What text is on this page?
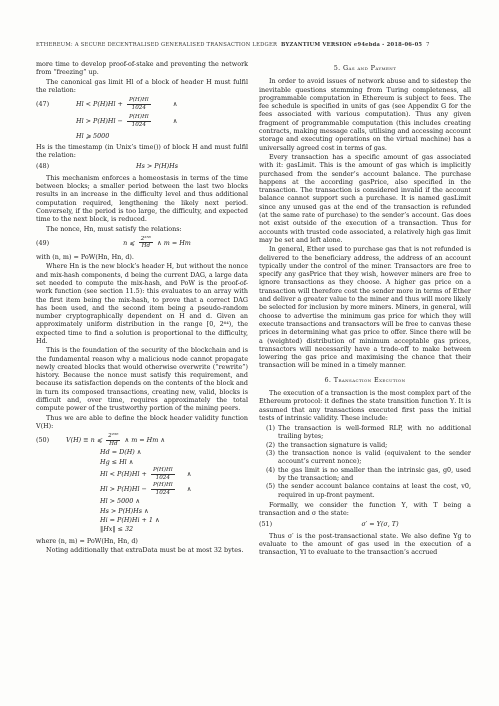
ETHEREUM: A SECURE DECENTRALISED GENERALISED TRANSACTION LEDGER BYZANTIUM VERSION e94ebda - 2018-06-05 7

more time to develop proof-of-stake and preventing the network from “freezing” up.

The canonical gas limit Hl of a block of header H must fulfil the relation:

(47)	$Hl < P(H)Hl + \frac{P(H)Hl}{1024}$	∧
$Hl > P(H)Hl - \frac{P(H)Hl}{1024}$	∧
Hl ⩾ 5000

Hs is the timestamp (in Unix’s time()) of block H and must fulfil the relation:

(48)	Hs > P(H)Hs

This mechanism enforces a homeostasis in terms of the time between blocks; a smaller period between the last two blocks results in an increase in the difficulty level and thus additional computation required, lengthening the likely next period. Conversely, if the period is too large, the difficulty, and expected time to the next block, is reduced.

The nonce, Hn, must satisfy the relations:

(49)	n ⩽ $\frac{\text{2²⁵⁶}}{Hd}$ ∧ m = Hm

with (n, m) = PoW(Hn, Hn, d).

Where Hn is the new block’s header H, but without the nonce and mix-hash components, d being the current DAG, a large data set needed to compute the mix-hash, and PoW is the proof-of-work function (see section 11.5): this evaluates to an array with the first item being the mix-hash, to prove that a correct DAG has been used, and the second item being a pseudo-random number cryptographically dependent on H and d. Given an approximately uniform distribution in the range [0, 2⁶⁴), the expected time to find a solution is proportional to the difficulty, Hd.

This is the foundation of the security of the blockchain and is the fundamental reason why a malicious node cannot propagate newly created blocks that would otherwise overwrite (“rewrite”) history. Because the nonce must satisfy this requirement, and because its satisfaction depends on the contents of the block and in turn its composed transactions, creating new, valid, blocks is difficult and, over time, requires approximately the total compute power of the trustworthy portion of the mining peers.

Thus we are able to define the block header validity function V(H):

(50)	V(H) ≡ n ⩽ $\frac{\text{2²⁵⁶}}{Hd}$ ∧ m = Hm ∧
Hd = D(H) ∧
Hg ≤ Hl ∧
$Hl < P(H)Hl + \frac{P(H)Hl}{1024}$ ∧
$Hl > P(H)Hl - \frac{P(H)Hl}{1024}$ ∧
Hl > 5000 ∧
Hs > P(H)Hs ∧
Hi = P(H)Hi + 1 ∧
‖Hx‖ ≤ 32

where (n, m) = PoW(Hn, Hn, d)

Noting additionally that extraData must be at most 32 bytes.

5. Gas and Payment

In order to avoid issues of network abuse and to sidestep the inevitable questions stemming from Turing completeness, all programmable computation in Ethereum is subject to fees. The fee schedule is specified in units of gas (see Appendix G for the fees associated with various computation). Thus any given fragment of programmable computation (this includes creating contracts, making message calls, utilising and accessing account storage and executing operations on the virtual machine) has a universally agreed cost in terms of gas.

Every transaction has a specific amount of gas associated with it: gasLimit. This is the amount of gas which is implicitly purchased from the sender’s account balance. The purchase happens at the according gasPrice, also specified in the transaction. The transaction is considered invalid if the account balance cannot support such a purchase. It is named gasLimit since any unused gas at the end of the transaction is refunded (at the same rate of purchase) to the sender’s account. Gas does not exist outside of the execution of a transaction. Thus for accounts with trusted code associated, a relatively high gas limit may be set and left alone.

In general, Ether used to purchase gas that is not refunded is delivered to the beneficiary address, the address of an account typically under the control of the miner. Transactors are free to specify any gasPrice that they wish, however miners are free to ignore transactions as they choose. A higher gas price on a transaction will therefore cost the sender more in terms of Ether and deliver a greater value to the miner and thus will more likely be selected for inclusion by more miners. Miners, in general, will choose to advertise the minimum gas price for which they will execute transactions and transactors will be free to canvas these prices in determining what gas price to offer. Since there will be a (weighted) distribution of minimum acceptable gas prices, transactors will necessarily have a trade-off to make between lowering the gas price and maximising the chance that their transaction will be mined in a timely manner.

6. Transaction Execution

The execution of a transaction is the most complex part of the Ethereum protocol: it defines the state transition function Υ. It is assumed that any transactions executed first pass the initial tests of intrinsic validity. These include:

(1) The transaction is well-formed RLP, with no additional trailing bytes;
(2) the transaction signature is valid;
(3) the transaction nonce is valid (equivalent to the sender account’s current nonce);
(4) the gas limit is no smaller than the intrinsic gas, g0, used by the transaction; and
(5) the sender account balance contains at least the cost, v0, required in up-front payment.

Formally, we consider the function Υ, with T being a transaction and σ the state:

(51)	σ′ = Υ(σ, T)

Thus σ′ is the post-transactional state. We also define Υg to evaluate to the amount of gas used in the execution of a transaction, Υl to evaluate to the transaction’s accrued
